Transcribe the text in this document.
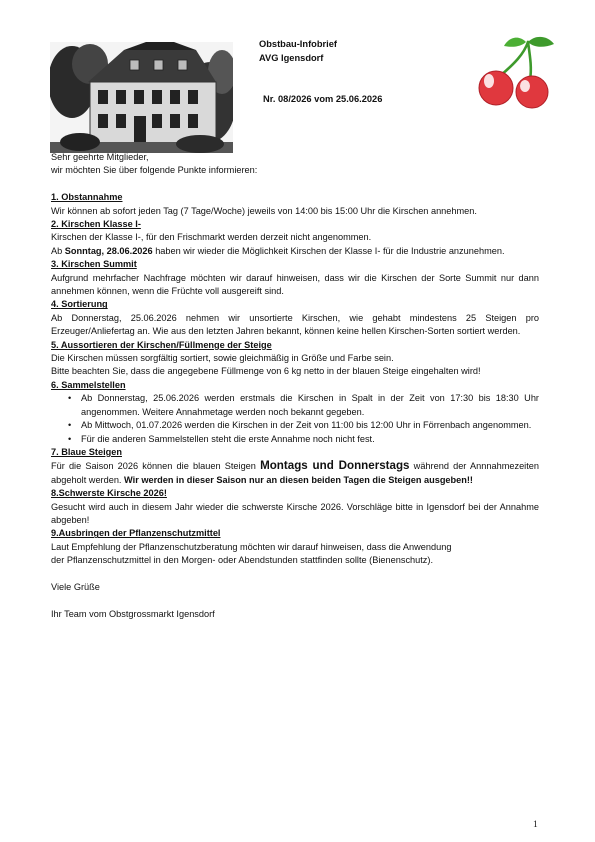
Obstbau-Infobrief
AVG Igensdorf
Nr. 08/2026 vom 25.06.2026

Sehr geehrte Mitglieder,

wir möchten Sie über folgende Punkte informieren:

1. Obstannahme

Wir können ab sofort jeden Tag (7 Tage/Woche) jeweils von 14:00 bis 15:00 Uhr die Kirschen annehmen.

2. Kirschen Klasse I-

Kirschen der Klasse I-, für den Frischmarkt werden derzeit nicht angenommen.

Ab Sonntag, 28.06.2026 haben wir wieder die Möglichkeit Kirschen der Klasse I- für die Industrie anzunehmen.

3. Kirschen Summit

Aufgrund mehrfacher Nachfrage möchten wir darauf hinweisen, dass wir die Kirschen der Sorte Summit nur dann annehmen können, wenn die Früchte voll ausgereift sind.

4. Sortierung

Ab Donnerstag, 25.06.2026 nehmen wir unsortierte Kirschen, wie gehabt mindestens 25 Steigen pro Erzeuger/Anliefertag an. Wie aus den letzten Jahren bekannt, können keine hellen Kirschen-Sorten sortiert werden.

5. Aussortieren der Kirschen/Füllmenge der Steige

Die Kirschen müssen sorgfältig sortiert, sowie gleichmäßig in Größe und Farbe sein.

Bitte beachten Sie, dass die angegebene Füllmenge von 6 kg netto in der blauen Steige eingehalten wird!

6. Sammelstellen

• Ab Donnerstag, 25.06.2026 werden erstmals die Kirschen in Spalt in der Zeit von 17:30 bis 18:30 Uhr angenommen. Weitere Annahmetage werden noch bekannt gegeben.
• Ab Mittwoch, 01.07.2026 werden die Kirschen in der Zeit von 11:00 bis 12:00 Uhr in Förrenbach angenommen.
• Für die anderen Sammelstellen steht die erste Annahme noch nicht fest.

7. Blaue Steigen

Für die Saison 2026 können die blauen Steigen Montags und Donnerstags während der Annnahmezeiten abgeholt werden. Wir werden in dieser Saison nur an diesen beiden Tagen die Steigen ausgeben!!

8.Schwerste Kirsche 2026!

Gesucht wird auch in diesem Jahr wieder die schwerste Kirsche 2026. Vorschläge bitte in Igensdorf bei der Annahme abgeben!

9.Ausbringen der Pflanzenschutzmittel

Laut Empfehlung der Pflanzenschutzberatung möchten wir darauf hinweisen, dass die Anwendung

der Pflanzenschutzmittel in den Morgen- oder Abendstunden stattfinden sollte (Bienenschutz).

Viele Grüße

Ihr Team vom Obstgrossmarkt Igensdorf

1
